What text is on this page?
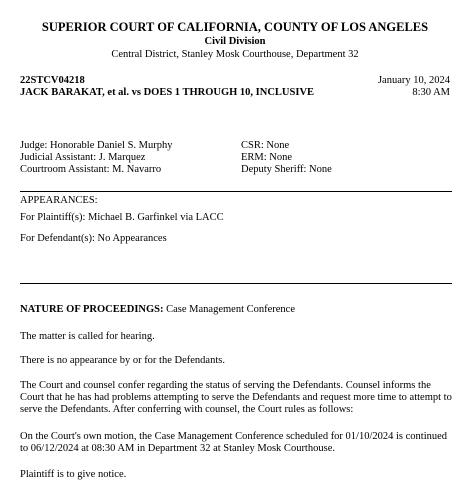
SUPERIOR COURT OF CALIFORNIA, COUNTY OF LOS ANGELES
Civil Division
Central District, Stanley Mosk Courthouse, Department 32
22STCV04218
JACK BARAKAT, et al. vs DOES 1 THROUGH 10, INCLUSIVE
January 10, 2024
8:30 AM
Judge: Honorable Daniel S. Murphy
Judicial Assistant: J. Marquez
Courtroom Assistant: M. Navarro
CSR: None
ERM: None
Deputy Sheriff: None
APPEARANCES:
For Plaintiff(s): Michael B. Garfinkel via LACC
For Defendant(s): No Appearances
NATURE OF PROCEEDINGS: Case Management Conference
The matter is called for hearing.
There is no appearance by or for the Defendants.
The Court and counsel confer regarding the status of serving the Defendants. Counsel informs the Court that he has had problems attempting to serve the Defendants and request more time to attempt to serve the Defendants. After conferring with counsel, the Court rules as follows:
On the Court's own motion, the Case Management Conference scheduled for 01/10/2024 is continued to 06/12/2024 at 08:30 AM in Department 32 at Stanley Mosk Courthouse.
Plaintiff is to give notice.
